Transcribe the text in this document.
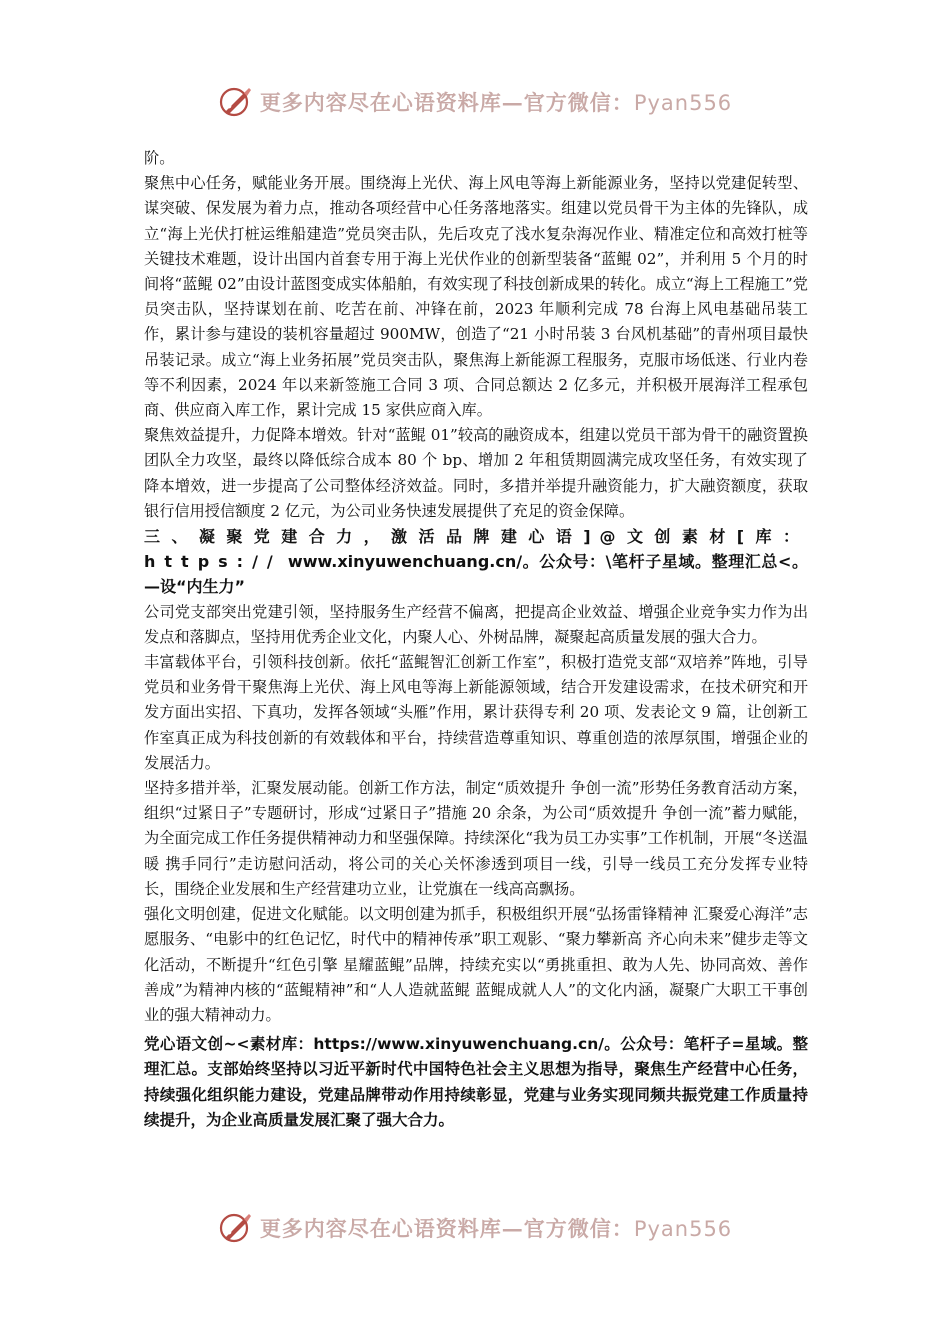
更多内容尽在心语资料库—官方微信：Pyan556

阶。

聚焦中心任务，赋能业务开展。围绕海上光伏、海上风电等海上新能源业务，坚持以党建促转型、谋突破、保发展为着力点，推动各项经营中心任务落地落实。组建以党员骨干为主体的先锋队，成立“海上光伏打桩运维船建造”党员突击队，先后攻克了浅水复杂海况作业、精准定位和高效打桩等关键技术难题，设计出国内首套专用于海上光伏作业的创新型装备“蓝鲲 02”，并利用 5 个月的时间将“蓝鲲 02”由设计蓝图变成实体船舶，有效实现了科技创新成果的转化。成立“海上工程施工”党员突击队，坚持谋划在前、吃苦在前、冲锋在前，2023 年顺利完成 78 台海上风电基础吊装工作，累计参与建设的装机容量超过 900MW，创造了“21 小时吊装 3 台风机基础”的青州项目最快吊装记录。成立“海上业务拓展”党员突击队，聚焦海上新能源工程服务，克服市场低迷、行业内卷等不利因素，2024 年以来新签施工合同 3 项、合同总额达 2 亿多元，并积极开展海洋工程承包商、供应商入库工作，累计完成 15 家供应商入库。

聚焦效益提升，力促降本增效。针对“蓝鲲 01”较高的融资成本，组建以党员干部为骨干的融资置换团队全力攻坚，最终以降低综合成本 80 个 bp、增加 2 年租赁期圆满完成攻坚任务，有效实现了降本增效，进一步提高了公司整体经济效益。同时，多措并举提升融资能力，扩大融资额度，获取银行信用授信额度 2 亿元，为公司业务快速发展提供了充足的资金保障。

三、凝聚党建合力，激活品牌建心语]@文创素材[库：https:// www.xinyuwenchuang.cn/。公众号：\笔杆子星域。整理汇总<。—设“内生力”

公司党支部突出党建引领，坚持服务生产经营不偏离，把提高企业效益、增强企业竞争实力作为出发点和落脚点，坚持用优秀企业文化，内聚人心、外树品牌，凝聚起高质量发展的强大合力。

丰富载体平台，引领科技创新。依托“蓝鲲智汇创新工作室”，积极打造党支部“双培养”阵地，引导党员和业务骨干聚焦海上光伏、海上风电等海上新能源领域，结合开发建设需求，在技术研究和开发方面出实招、下真功，发挥各领域“头雁”作用，累计获得专利 20 项、发表论文 9 篇，让创新工作室真正成为科技创新的有效载体和平台，持续营造尊重知识、尊重创造的浓厚氛围，增强企业的发展活力。

坚持多措并举，汇聚发展动能。创新工作方法，制定“质效提升 争创一流”形势任务教育活动方案，组织“过紧日子”专题研讨，形成“过紧日子”措施 20 余条，为公司“质效提升 争创一流”蓄力赋能，为全面完成工作任务提供精神动力和坚强保障。持续深化“我为员工办实事”工作机制，开展“冬送温暖 携手同行”走访慰问活动，将公司的关心关怀渗透到项目一线，引导一线员工充分发挥专业特长，围绕企业发展和生产经营建功立业，让党旗在一线高高飘扬。

强化文明创建，促进文化赋能。以文明创建为抓手，积极组织开展“弘扬雷锋精神 汇聚爱心海洋”志愿服务、“电影中的红色记忆，时代中的精神传承”职工观影、“聚力攀新高 齐心向未来”健步走等文化活动，不断提升“红色引擎 星耀蓝鲲”品牌，持续充实以“勇挑重担、敢为人先、协同高效、善作善成”为精神内核的“蓝鲲精神”和“人人造就蓝鲲 蓝鲲成就人人”的文化内涵，凝聚广大职工干事创业的强大精神动力。

党心语文创~<素材库：https://www.xinyuwenchuang.cn/。公众号：笔杆子=星域。整理汇总。支部始终坚持以习近平新时代中国特色社会主义思想为指导，聚焦生产经营中心任务，持续强化组织能力建设，党建品牌带动作用持续彰显，党建与业务实现同频共振党建工作质量持续提升，为企业高质量发展汇聚了强大合力。

更多内容尽在心语资料库—官方微信：Pyan556
